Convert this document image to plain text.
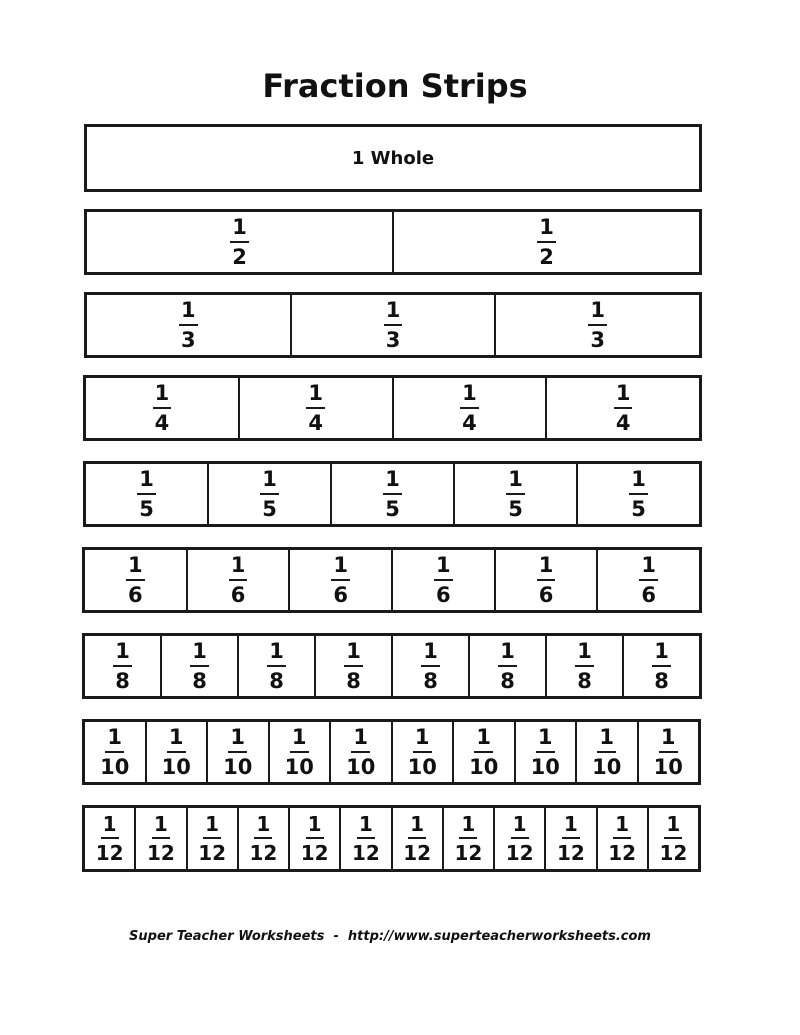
Fraction Strips
1 Whole
$\frac{1}{2}$	$\frac{1}{2}$
$\frac{1}{3}$	$\frac{1}{3}$	$\frac{1}{3}$
$\frac{1}{4}$	$\frac{1}{4}$	$\frac{1}{4}$	$\frac{1}{4}$
$\frac{1}{5}$	$\frac{1}{5}$	$\frac{1}{5}$	$\frac{1}{5}$	$\frac{1}{5}$
$\frac{1}{6}$	$\frac{1}{6}$	$\frac{1}{6}$	$\frac{1}{6}$	$\frac{1}{6}$	$\frac{1}{6}$
$\frac{1}{8}$	$\frac{1}{8}$	$\frac{1}{8}$	$\frac{1}{8}$	$\frac{1}{8}$	$\frac{1}{8}$	$\frac{1}{8}$	$\frac{1}{8}$
$\frac{1}{10} \frac{1}{10} \frac{1}{10} \frac{1}{10} \frac{1}{10} \frac{1}{10} \frac{1}{10} \frac{1}{10} \frac{1}{10} \frac{1}{10}$
$\frac{1}{12} \frac{1}{12} \frac{1}{12} \frac{1}{12} \frac{1}{12} \frac{1}{12} \frac{1}{12} \frac{1}{12} \frac{1}{12} \frac{1}{12} \frac{1}{12} \frac{1}{12}$
Super Teacher Worksheets - http://www.superteacherworksheets.com
